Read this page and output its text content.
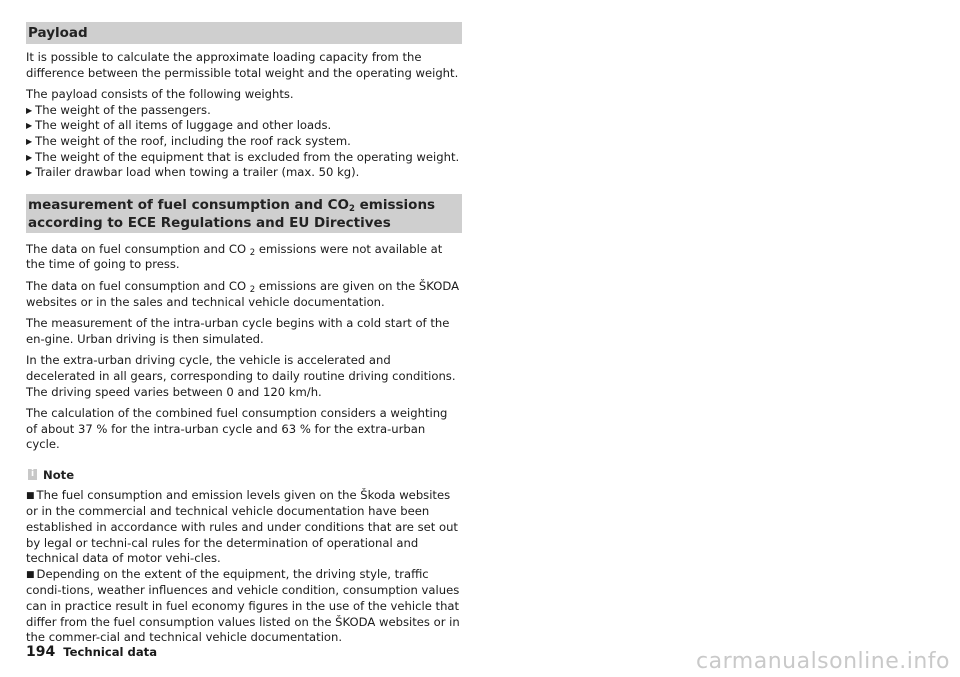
Payload

It is possible to calculate the approximate loading capacity from the difference between the permissible total weight and the operating weight.

The payload consists of the following weights.

▶ The weight of the passengers.
▶ The weight of all items of luggage and other loads.
▶ The weight of the roof, including the roof rack system.
▶ The weight of the equipment that is excluded from the operating weight.
▶ Trailer drawbar load when towing a trailer (max. 50 kg).

measurement of fuel consumption and $CO_2$ emissions according to ECE Regulations and EU Directives

The data on fuel consumption and CO $_2$ emissions were not available at the time of going to press.

The data on fuel consumption and CO $_2$ emissions are given on the ŠKODA websites or in the sales and technical vehicle documentation.

The measurement of the intra-urban cycle begins with a cold start of the en-gine. Urban driving is then simulated.

In the extra-urban driving cycle, the vehicle is accelerated and decelerated in all gears, corresponding to daily routine driving conditions. The driving speed varies between 0 and 120 km/h.

The calculation of the combined fuel consumption considers a weighting of about 37 % for the intra-urban cycle and 63 % for the extra-urban cycle.

i Note

■ The fuel consumption and emission levels given on the Škoda websites or in the commercial and technical vehicle documentation have been established in accordance with rules and under conditions that are set out by legal or techni-cal rules for the determination of operational and technical data of motor vehi-cles.

■ Depending on the extent of the equipment, the driving style, traffic condi-tions, weather influences and vehicle condition, consumption values can in practice result in fuel economy figures in the use of the vehicle that differ from the fuel consumption values listed on the ŠKODA websites or in the commer-cial and technical vehicle documentation.

194 Technical data	carmanualsonline.info
